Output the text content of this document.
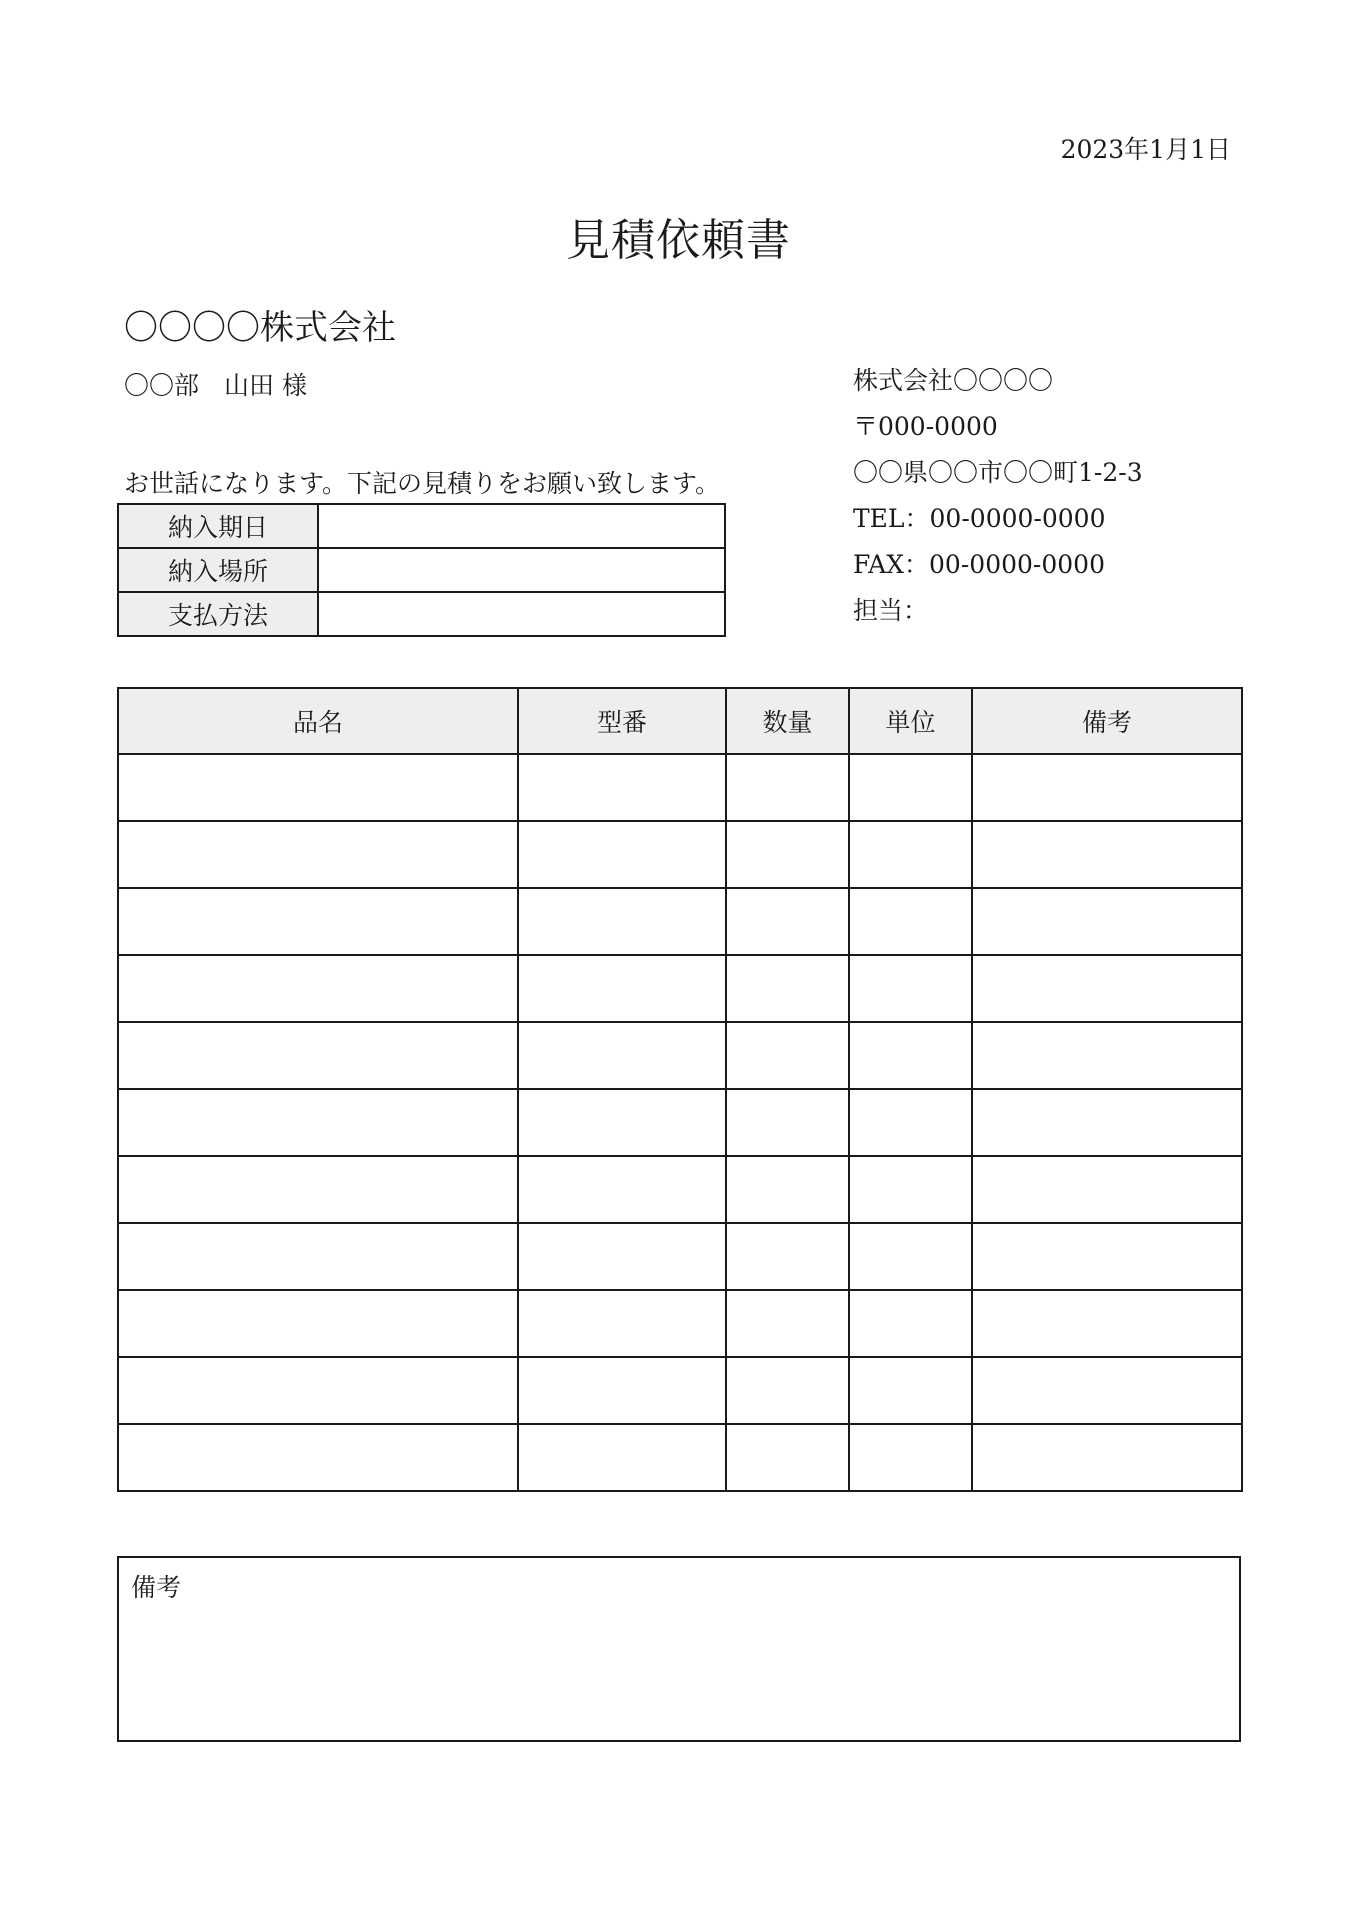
2023年1月1日
見積依頼書
〇〇〇〇株式会社
〇〇部　山田 様
お世話になります。下記の見積りをお願い致します。
株式会社〇〇〇〇
〒000-0000
〇〇県〇〇市〇〇町1-2-3
TEL：00-0000-0000
FAX：00-0000-0000
担当：
納入期日	
納入場所	
支払方法	
品名	型番	数量	単位	備考

備考
